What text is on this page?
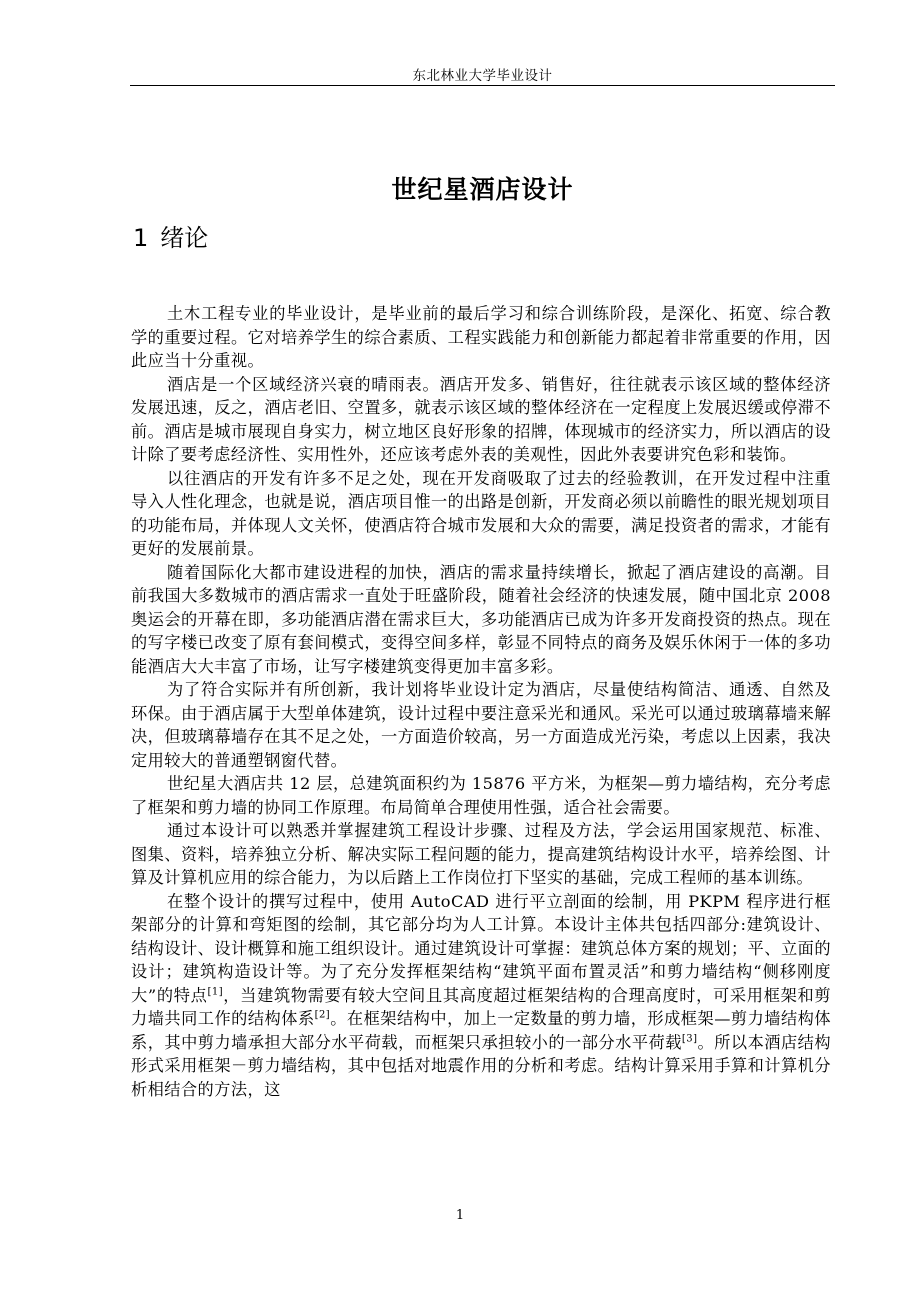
东北林业大学毕业设计
世纪星酒店设计
1 绪论

土木工程专业的毕业设计，是毕业前的最后学习和综合训练阶段，是深化、拓宽、综合教学的重要过程。它对培养学生的综合素质、工程实践能力和创新能力都起着非常重要的作用，因此应当十分重视。

酒店是一个区域经济兴衰的晴雨表。酒店开发多、销售好，往往就表示该区域的整体经济发展迅速，反之，酒店老旧、空置多，就表示该区域的整体经济在一定程度上发展迟缓或停滞不前。酒店是城市展现自身实力，树立地区良好形象的招牌，体现城市的经济实力，所以酒店的设计除了要考虑经济性、实用性外，还应该考虑外表的美观性，因此外表要讲究色彩和装饰。

以往酒店的开发有许多不足之处，现在开发商吸取了过去的经验教训，在开发过程中注重导入人性化理念，也就是说，酒店项目惟一的出路是创新，开发商必须以前瞻性的眼光规划项目的功能布局，并体现人文关怀，使酒店符合城市发展和大众的需要，满足投资者的需求，才能有更好的发展前景。

随着国际化大都市建设进程的加快，酒店的需求量持续增长，掀起了酒店建设的高潮。目前我国大多数城市的酒店需求一直处于旺盛阶段，随着社会经济的快速发展，随中国北京 2008 奥运会的开幕在即，多功能酒店潜在需求巨大，多功能酒店已成为许多开发商投资的热点。现在的写字楼已改变了原有套间模式，变得空间多样，彰显不同特点的商务及娱乐休闲于一体的多功能酒店大大丰富了市场，让写字楼建筑变得更加丰富多彩。

为了符合实际并有所创新，我计划将毕业设计定为酒店，尽量使结构简洁、通透、自然及环保。由于酒店属于大型单体建筑，设计过程中要注意采光和通风。采光可以通过玻璃幕墙来解决，但玻璃幕墙存在其不足之处，一方面造价较高，另一方面造成光污染，考虑以上因素，我决定用较大的普通塑钢窗代替。

世纪星大酒店共 12 层，总建筑面积约为 15876 平方米，为框架—剪力墙结构，充分考虑了框架和剪力墙的协同工作原理。布局简单合理使用性强，适合社会需要。

通过本设计可以熟悉并掌握建筑工程设计步骤、过程及方法，学会运用国家规范、标准、图集、资料，培养独立分析、解决实际工程问题的能力，提高建筑结构设计水平，培养绘图、计算及计算机应用的综合能力，为以后踏上工作岗位打下坚实的基础，完成工程师的基本训练。

在整个设计的撰写过程中，使用 AutoCAD 进行平立剖面的绘制，用 PKPM 程序进行框架部分的计算和弯矩图的绘制，其它部分均为人工计算。本设计主体共包括四部分:建筑设计、结构设计、设计概算和施工组织设计。通过建筑设计可掌握：建筑总体方案的规划；平、立面的设计；建筑构造设计等。为了充分发挥框架结构“建筑平面布置灵活”和剪力墙结构“侧移刚度大”的特点[1]，当建筑物需要有较大空间且其高度超过框架结构的合理高度时，可采用框架和剪力墙共同工作的结构体系[2]。在框架结构中，加上一定数量的剪力墙，形成框架—剪力墙结构体系，其中剪力墙承担大部分水平荷载，而框架只承担较小的一部分水平荷载[3]。所以本酒店结构形式采用框架－剪力墙结构，其中包括对地震作用的分析和考虑。结构计算采用手算和计算机分析相结合的方法，这

1
